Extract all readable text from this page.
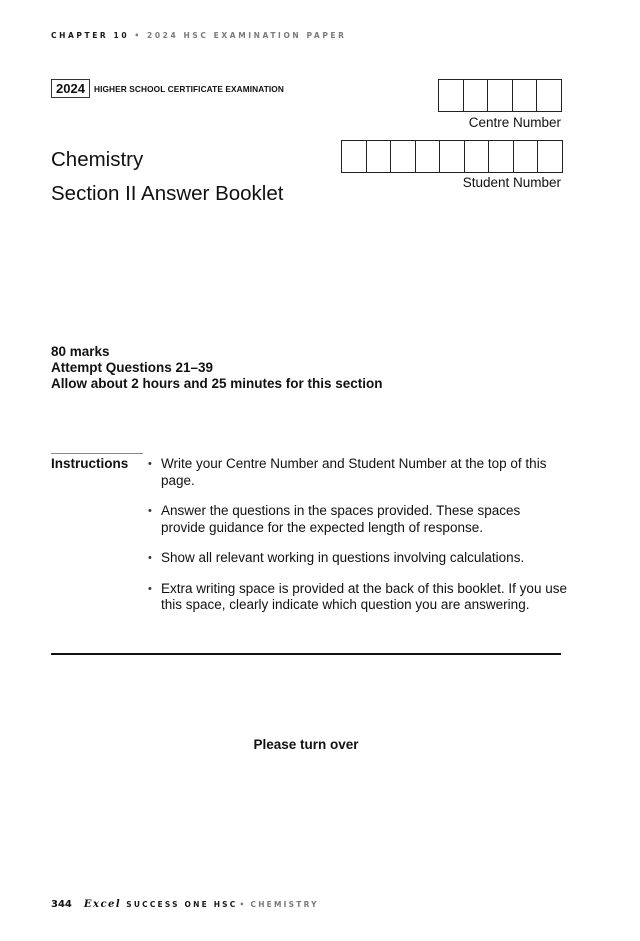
CHAPTER 10 • 2024 HSC EXAMINATION PAPER
2024	HIGHER SCHOOL CERTIFICATE EXAMINATION
Centre Number
Student Number
Chemistry
Section II Answer Booklet
80 marks
Attempt Questions 21–39
Allow about 2 hours and 25 minutes for this section
Instructions • Write your Centre Number and Student Number at the top of this page.
• Answer the questions in the spaces provided. These spaces provide guidance for the expected length of response.
• Show all relevant working in questions involving calculations.
• Extra writing space is provided at the back of this booklet. If you use this space, clearly indicate which question you are answering.
Please turn over
344 Excel SUCCESS ONE HSC • CHEMISTRY
